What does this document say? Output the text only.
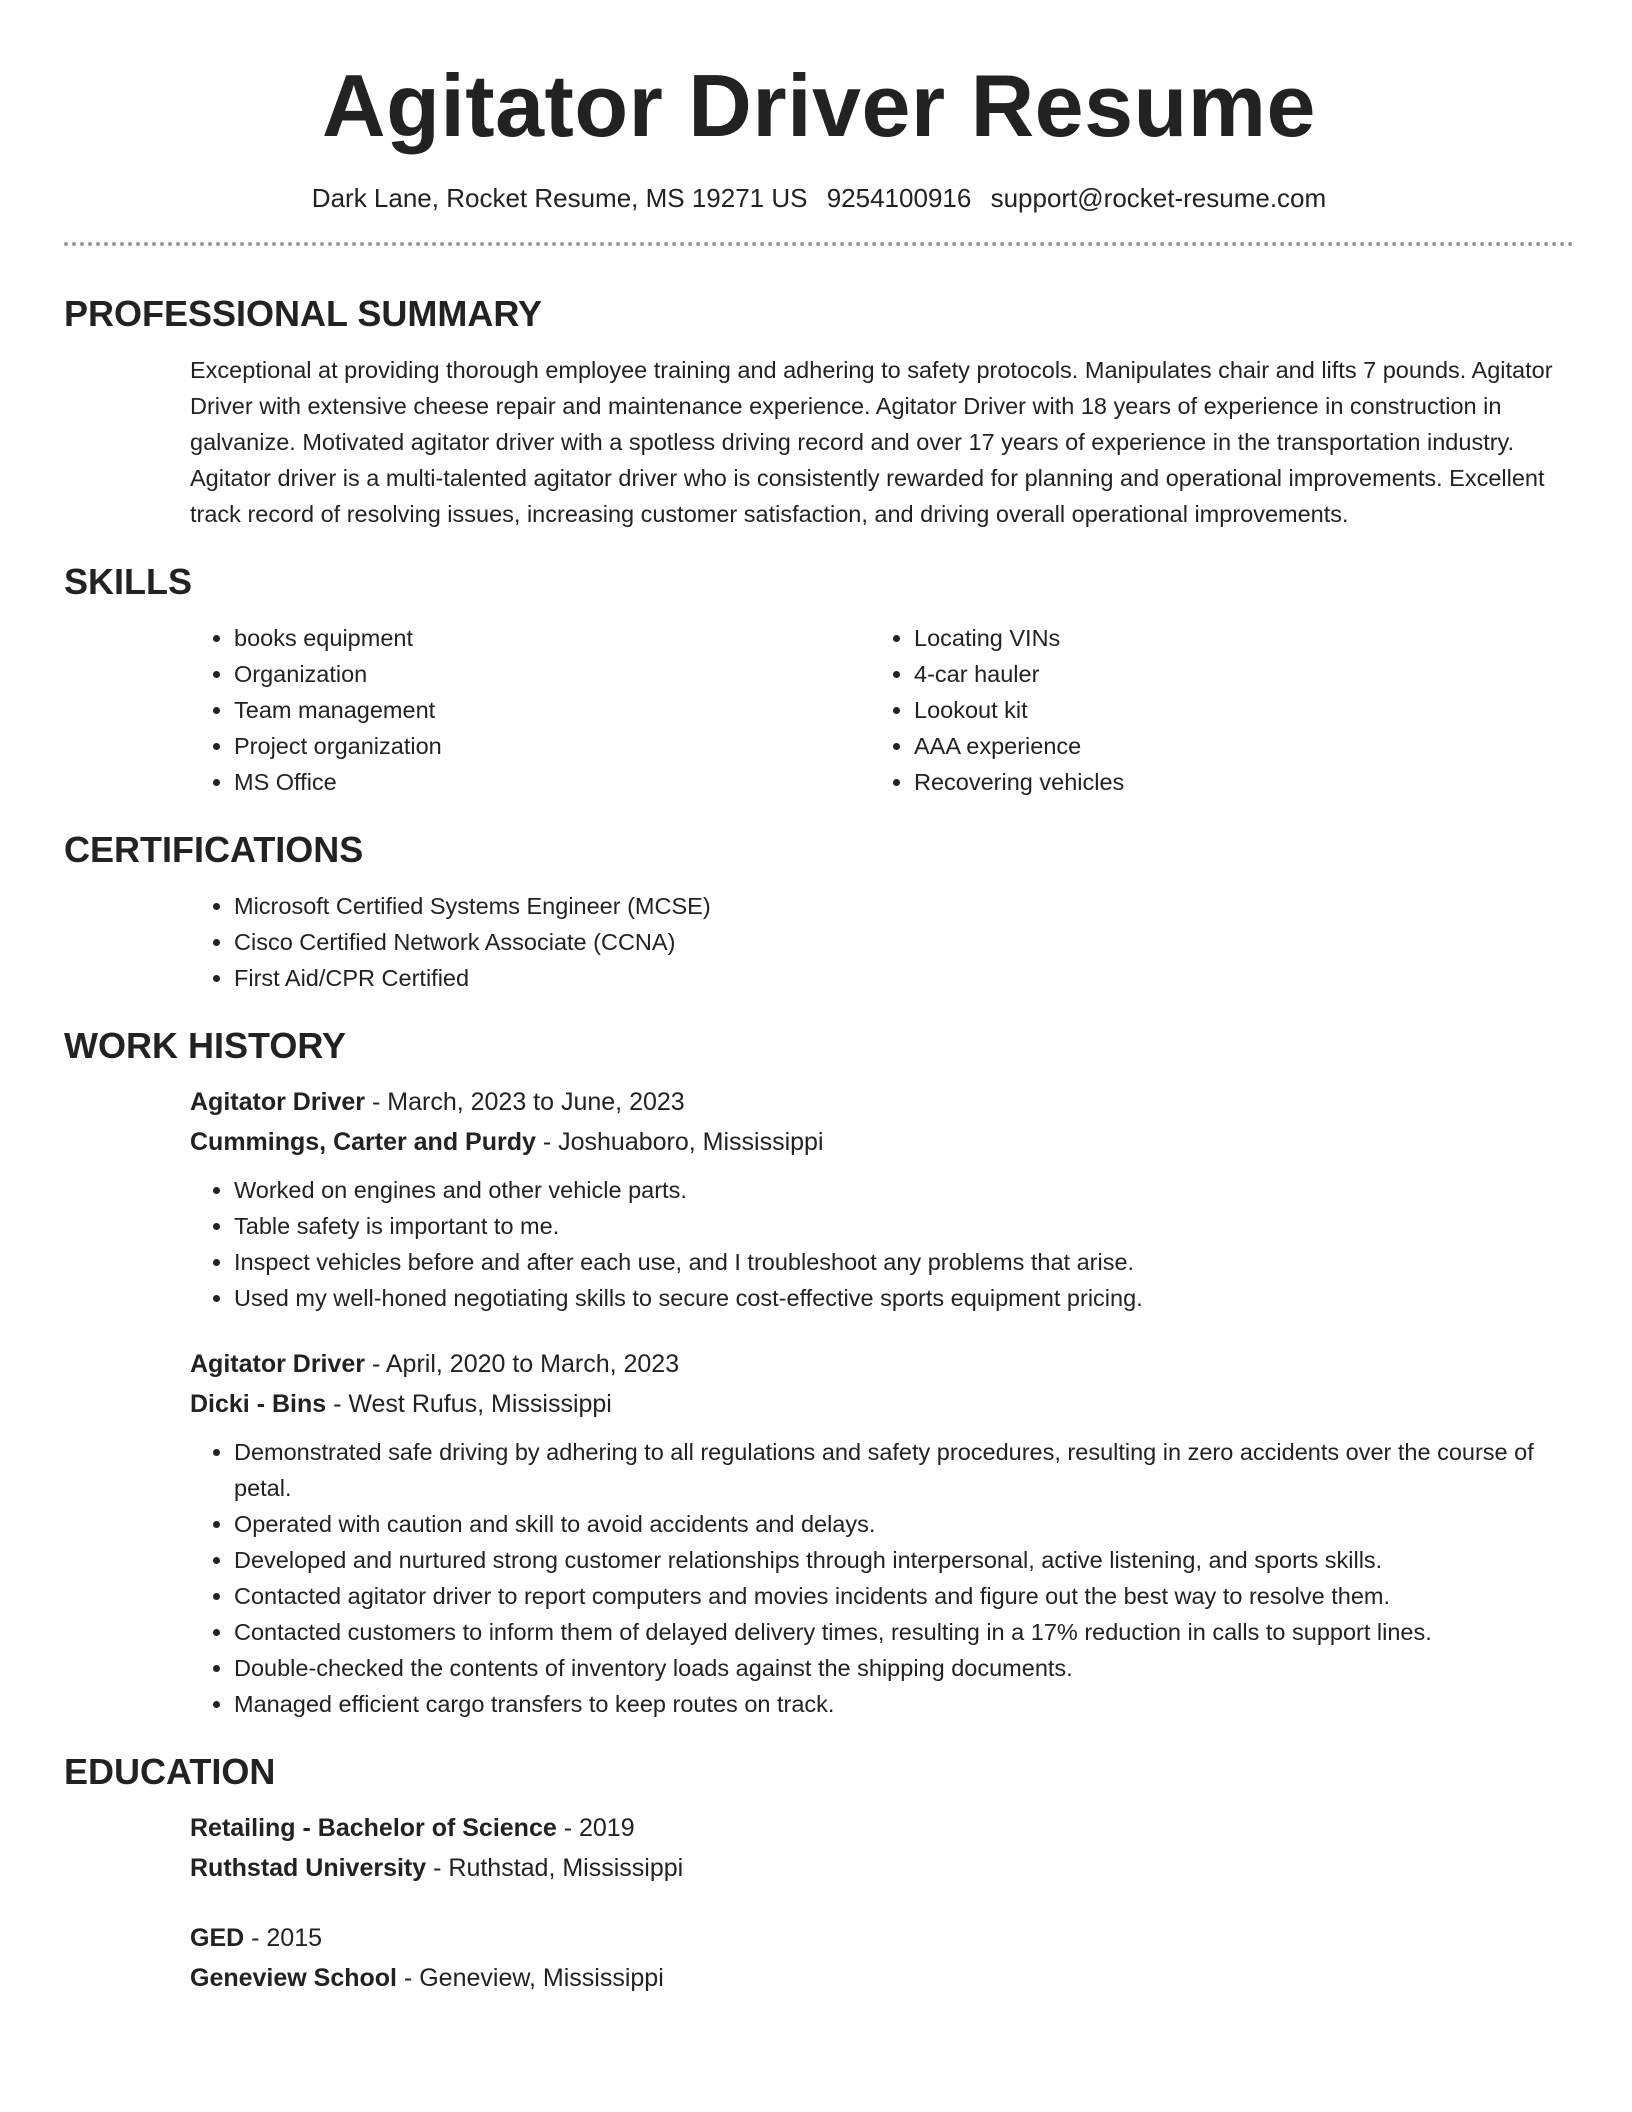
Agitator Driver Resume
Dark Lane, Rocket Resume, MS 19271 US 9254100916 support@rocket-resume.com
PROFESSIONAL SUMMARY

Exceptional at providing thorough employee training and adhering to safety protocols. Manipulates chair and lifts 7 pounds. Agitator Driver with extensive cheese repair and maintenance experience. Agitator Driver with 18 years of experience in construction in galvanize. Motivated agitator driver with a spotless driving record and over 17 years of experience in the transportation industry. Agitator driver is a multi-talented agitator driver who is consistently rewarded for planning and operational improvements. Excellent track record of resolving issues, increasing customer satisfaction, and driving overall operational improvements.

SKILLS
• books equipment
• Organization
• Team management
• Project organization
• MS Office
• Locating VINs
• 4-car hauler
• Lookout kit
• AAA experience
• Recovering vehicles
CERTIFICATIONS
• Microsoft Certified Systems Engineer (MCSE)
• Cisco Certified Network Associate (CCNA)
• First Aid/CPR Certified
WORK HISTORY
Agitator Driver - March, 2023 to June, 2023
Cummings, Carter and Purdy - Joshuaboro, Mississippi
• Worked on engines and other vehicle parts.
• Table safety is important to me.
• Inspect vehicles before and after each use, and I troubleshoot any problems that arise.
• Used my well-honed negotiating skills to secure cost-effective sports equipment pricing.
Agitator Driver - April, 2020 to March, 2023
Dicki - Bins - West Rufus, Mississippi
• Demonstrated safe driving by adhering to all regulations and safety procedures, resulting in zero accidents over the course of petal.
• Operated with caution and skill to avoid accidents and delays.
• Developed and nurtured strong customer relationships through interpersonal, active listening, and sports skills.
• Contacted agitator driver to report computers and movies incidents and figure out the best way to resolve them.
• Contacted customers to inform them of delayed delivery times, resulting in a 17% reduction in calls to support lines.
• Double-checked the contents of inventory loads against the shipping documents.
• Managed efficient cargo transfers to keep routes on track.
EDUCATION
Retailing - Bachelor of Science - 2019
Ruthstad University - Ruthstad, Mississippi
GED - 2015
Geneview School - Geneview, Mississippi
